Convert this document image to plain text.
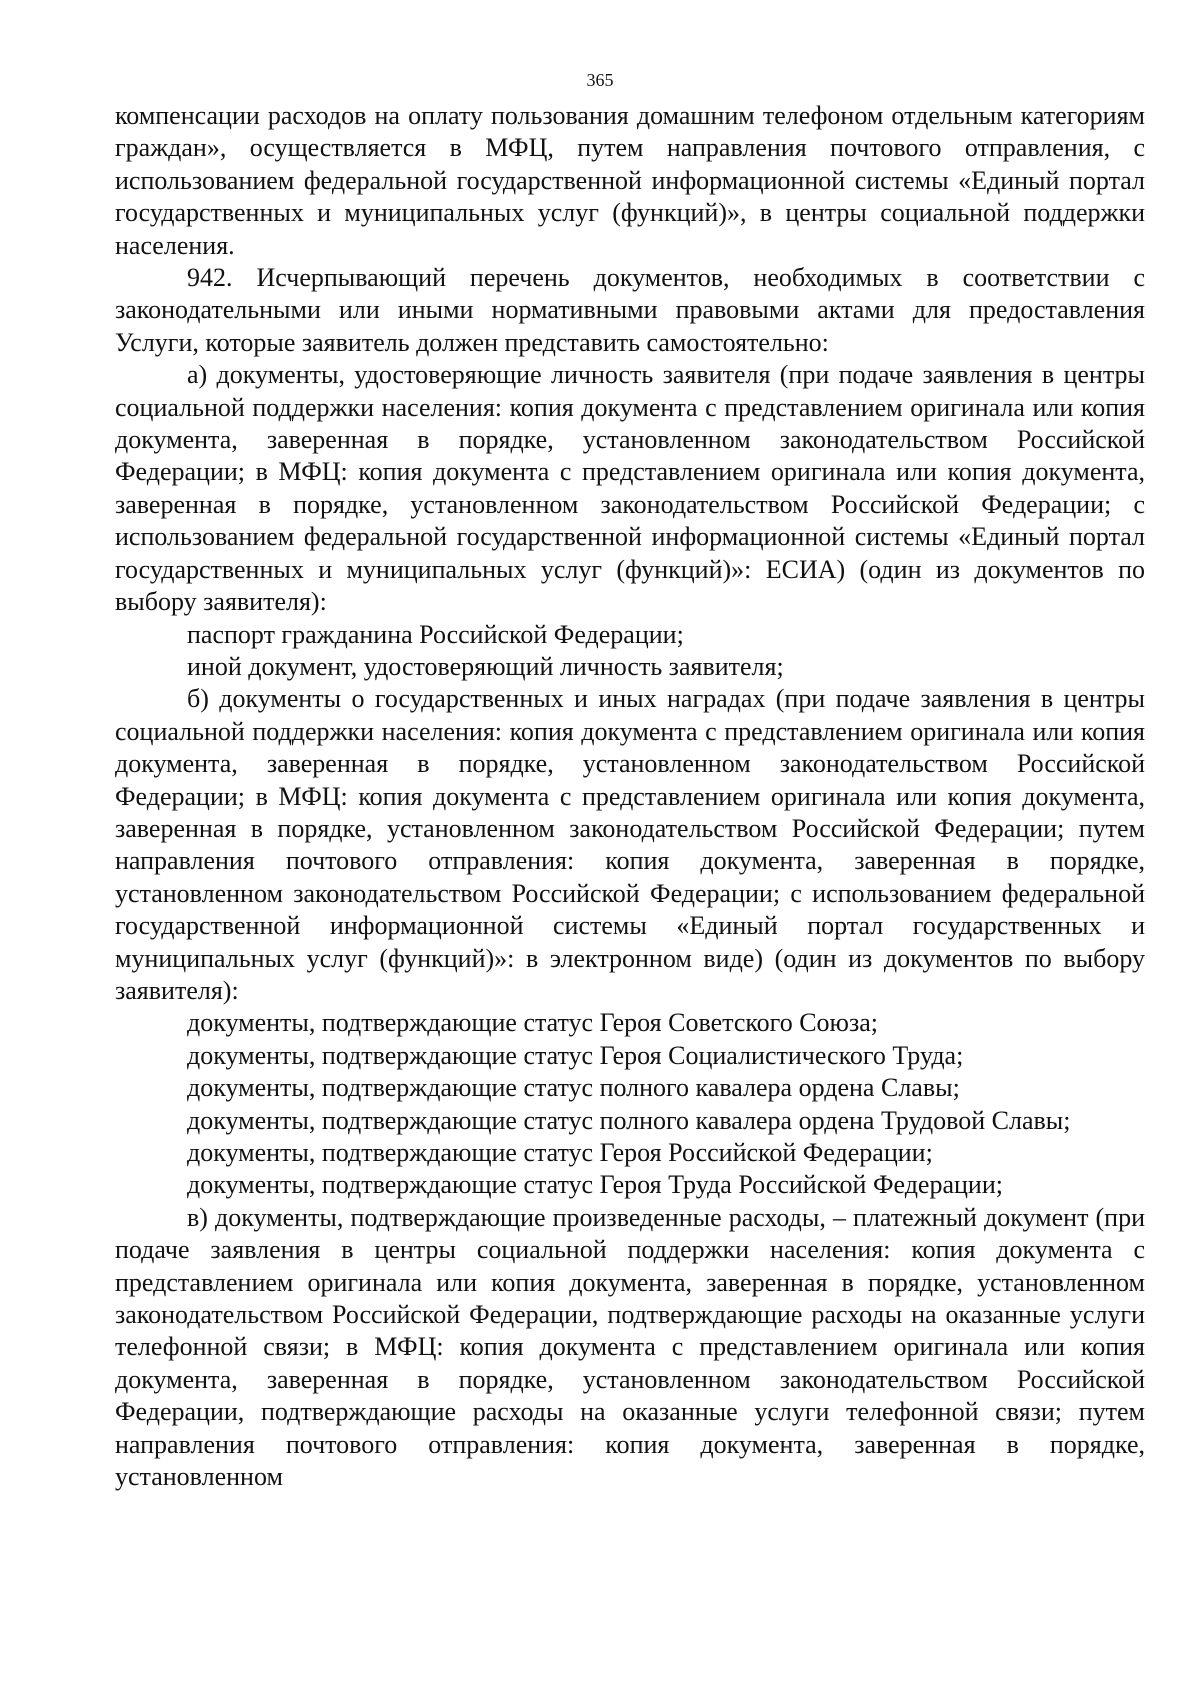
365

компенсации расходов на оплату пользования домашним телефоном отдельным категориям граждан», осуществляется в МФЦ, путем направления почтового отправления, с использованием федеральной государственной информационной системы «Единый портал государственных и муниципальных услуг (функций)», в центры социальной поддержки населения.

942. Исчерпывающий перечень документов, необходимых в соответствии с законодательными или иными нормативными правовыми актами для предоставления Услуги, которые заявитель должен представить самостоятельно:

а) документы, удостоверяющие личность заявителя (при подаче заявления в центры социальной поддержки населения: копия документа с представлением оригинала или копия документа, заверенная в порядке, установленном законодательством Российской Федерации; в МФЦ: копия документа с представлением оригинала или копия документа, заверенная в порядке, установленном законодательством Российской Федерации; с использованием федеральной государственной информационной системы «Единый портал государственных и муниципальных услуг (функций)»: ЕСИА) (один из документов по выбору заявителя):

паспорт гражданина Российской Федерации;

иной документ, удостоверяющий личность заявителя;

б) документы о государственных и иных наградах (при подаче заявления в центры социальной поддержки населения: копия документа с представлением оригинала или копия документа, заверенная в порядке, установленном законодательством Российской Федерации; в МФЦ: копия документа с представлением оригинала или копия документа, заверенная в порядке, установленном законодательством Российской Федерации; путем направления почтового отправления: копия документа, заверенная в порядке, установленном законодательством Российской Федерации; с использованием федеральной государственной информационной системы «Единый портал государственных и муниципальных услуг (функций)»: в электронном виде) (один из документов по выбору заявителя):

документы, подтверждающие статус Героя Советского Союза;

документы, подтверждающие статус Героя Социалистического Труда;

документы, подтверждающие статус полного кавалера ордена Славы;

документы, подтверждающие статус полного кавалера ордена Трудовой Славы;

документы, подтверждающие статус Героя Российской Федерации;

документы, подтверждающие статус Героя Труда Российской Федерации;

в) документы, подтверждающие произведенные расходы, – платежный документ (при подаче заявления в центры социальной поддержки населения: копия документа с представлением оригинала или копия документа, заверенная в порядке, установленном законодательством Российской Федерации, подтверждающие расходы на оказанные услуги телефонной связи; в МФЦ: копия документа с представлением оригинала или копия документа, заверенная в порядке, установленном законодательством Российской Федерации, подтверждающие расходы на оказанные услуги телефонной связи; путем направления почтового отправления: копия документа, заверенная в порядке, установленном
